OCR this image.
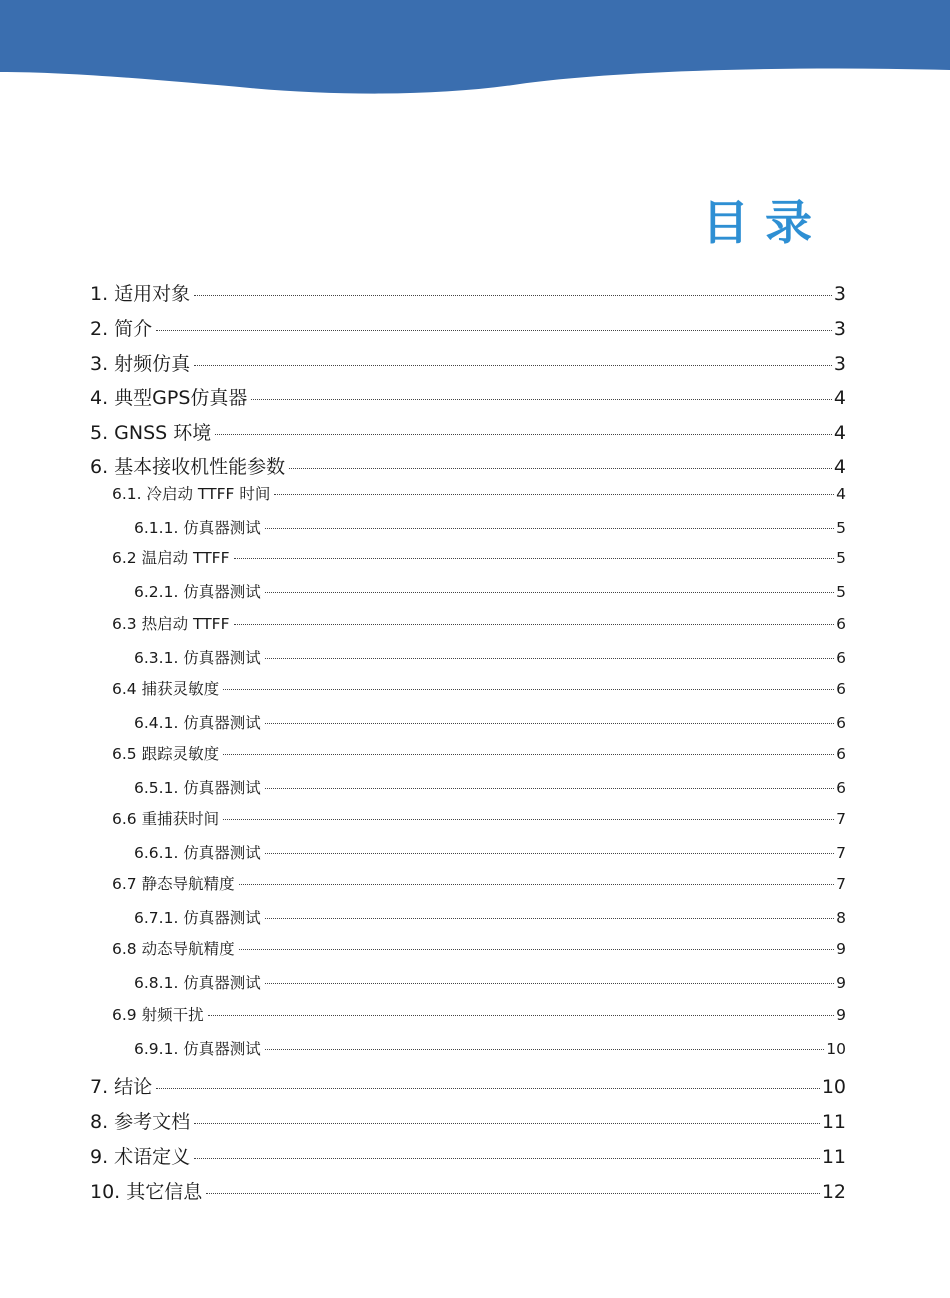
目录
1. 适用对象	3
2. 简介	3
3. 射频仿真	3
4. 典型GPS仿真器	4
5. GNSS 环境	4
6. 基本接收机性能参数	4
6.1. 冷启动 TTFF 时间	4
6.1.1. 仿真器测试	5
6.2 温启动 TTFF	5
6.2.1. 仿真器测试	5
6.3 热启动 TTFF	6
6.3.1. 仿真器测试	6
6.4 捕获灵敏度	6
6.4.1. 仿真器测试	6
6.5 跟踪灵敏度	6
6.5.1. 仿真器测试	6
6.6 重捕获时间	7
6.6.1. 仿真器测试	7
6.7 静态导航精度	7
6.7.1. 仿真器测试	8
6.8 动态导航精度	9
6.8.1. 仿真器测试	9
6.9 射频干扰	9
6.9.1. 仿真器测试	10
7. 结论	10
8. 参考文档	11
9. 术语定义	11
10. 其它信息	12
